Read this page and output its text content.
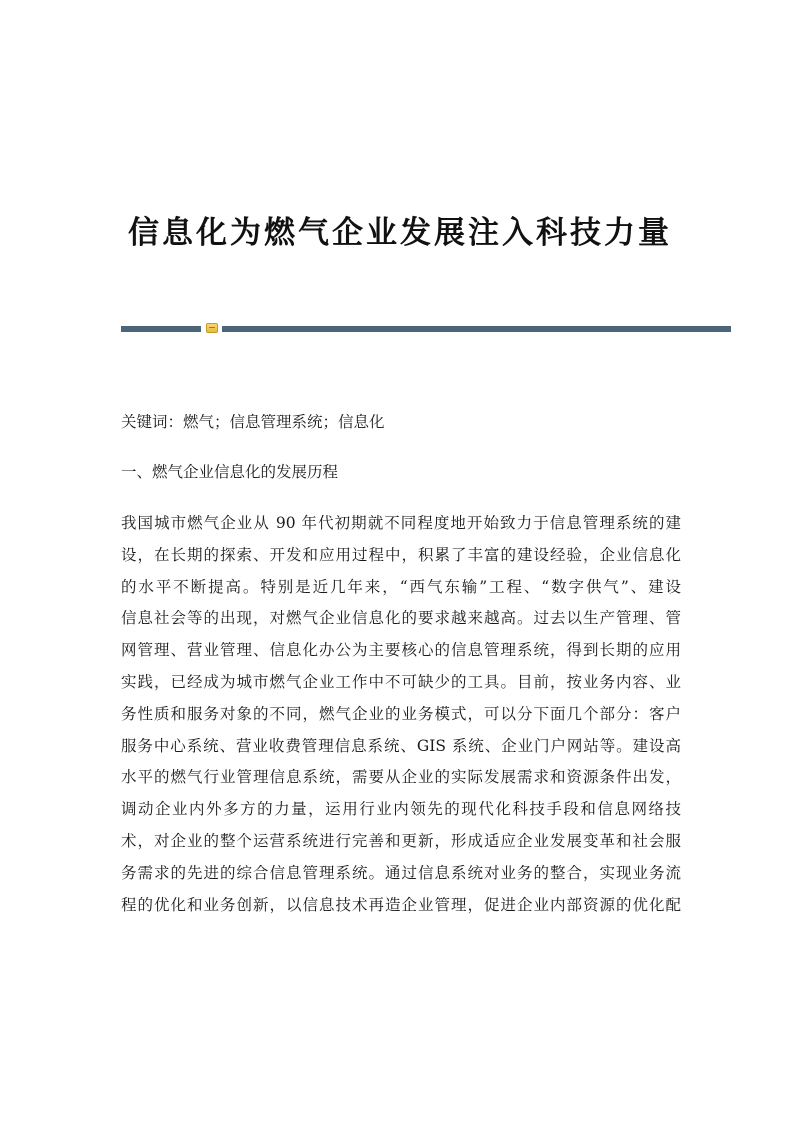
信息化为燃气企业发展注入科技力量
关键词：燃气；信息管理系统；信息化
一、燃气企业信息化的发展历程
我国城市燃气企业从 90 年代初期就不同程度地开始致力于信息管理系统的建
设，在长期的探索、开发和应用过程中，积累了丰富的建设经验，企业信息化
的水平不断提高。特别是近几年来，“西气东输”工程、“数字供气”、建设
信息社会等的出现，对燃气企业信息化的要求越来越高。过去以生产管理、管
网管理、营业管理、信息化办公为主要核心的信息管理系统，得到长期的应用
实践，已经成为城市燃气企业工作中不可缺少的工具。目前，按业务内容、业
务性质和服务对象的不同，燃气企业的业务模式，可以分下面几个部分：客户
服务中心系统、营业收费管理信息系统、GIS 系统、企业门户网站等。建设高
水平的燃气行业管理信息系统，需要从企业的实际发展需求和资源条件出发，
调动企业内外多方的力量，运用行业内领先的现代化科技手段和信息网络技
术，对企业的整个运营系统进行完善和更新，形成适应企业发展变革和社会服
务需求的先进的综合信息管理系统。通过信息系统对业务的整合，实现业务流
程的优化和业务创新，以信息技术再造企业管理，促进企业内部资源的优化配
